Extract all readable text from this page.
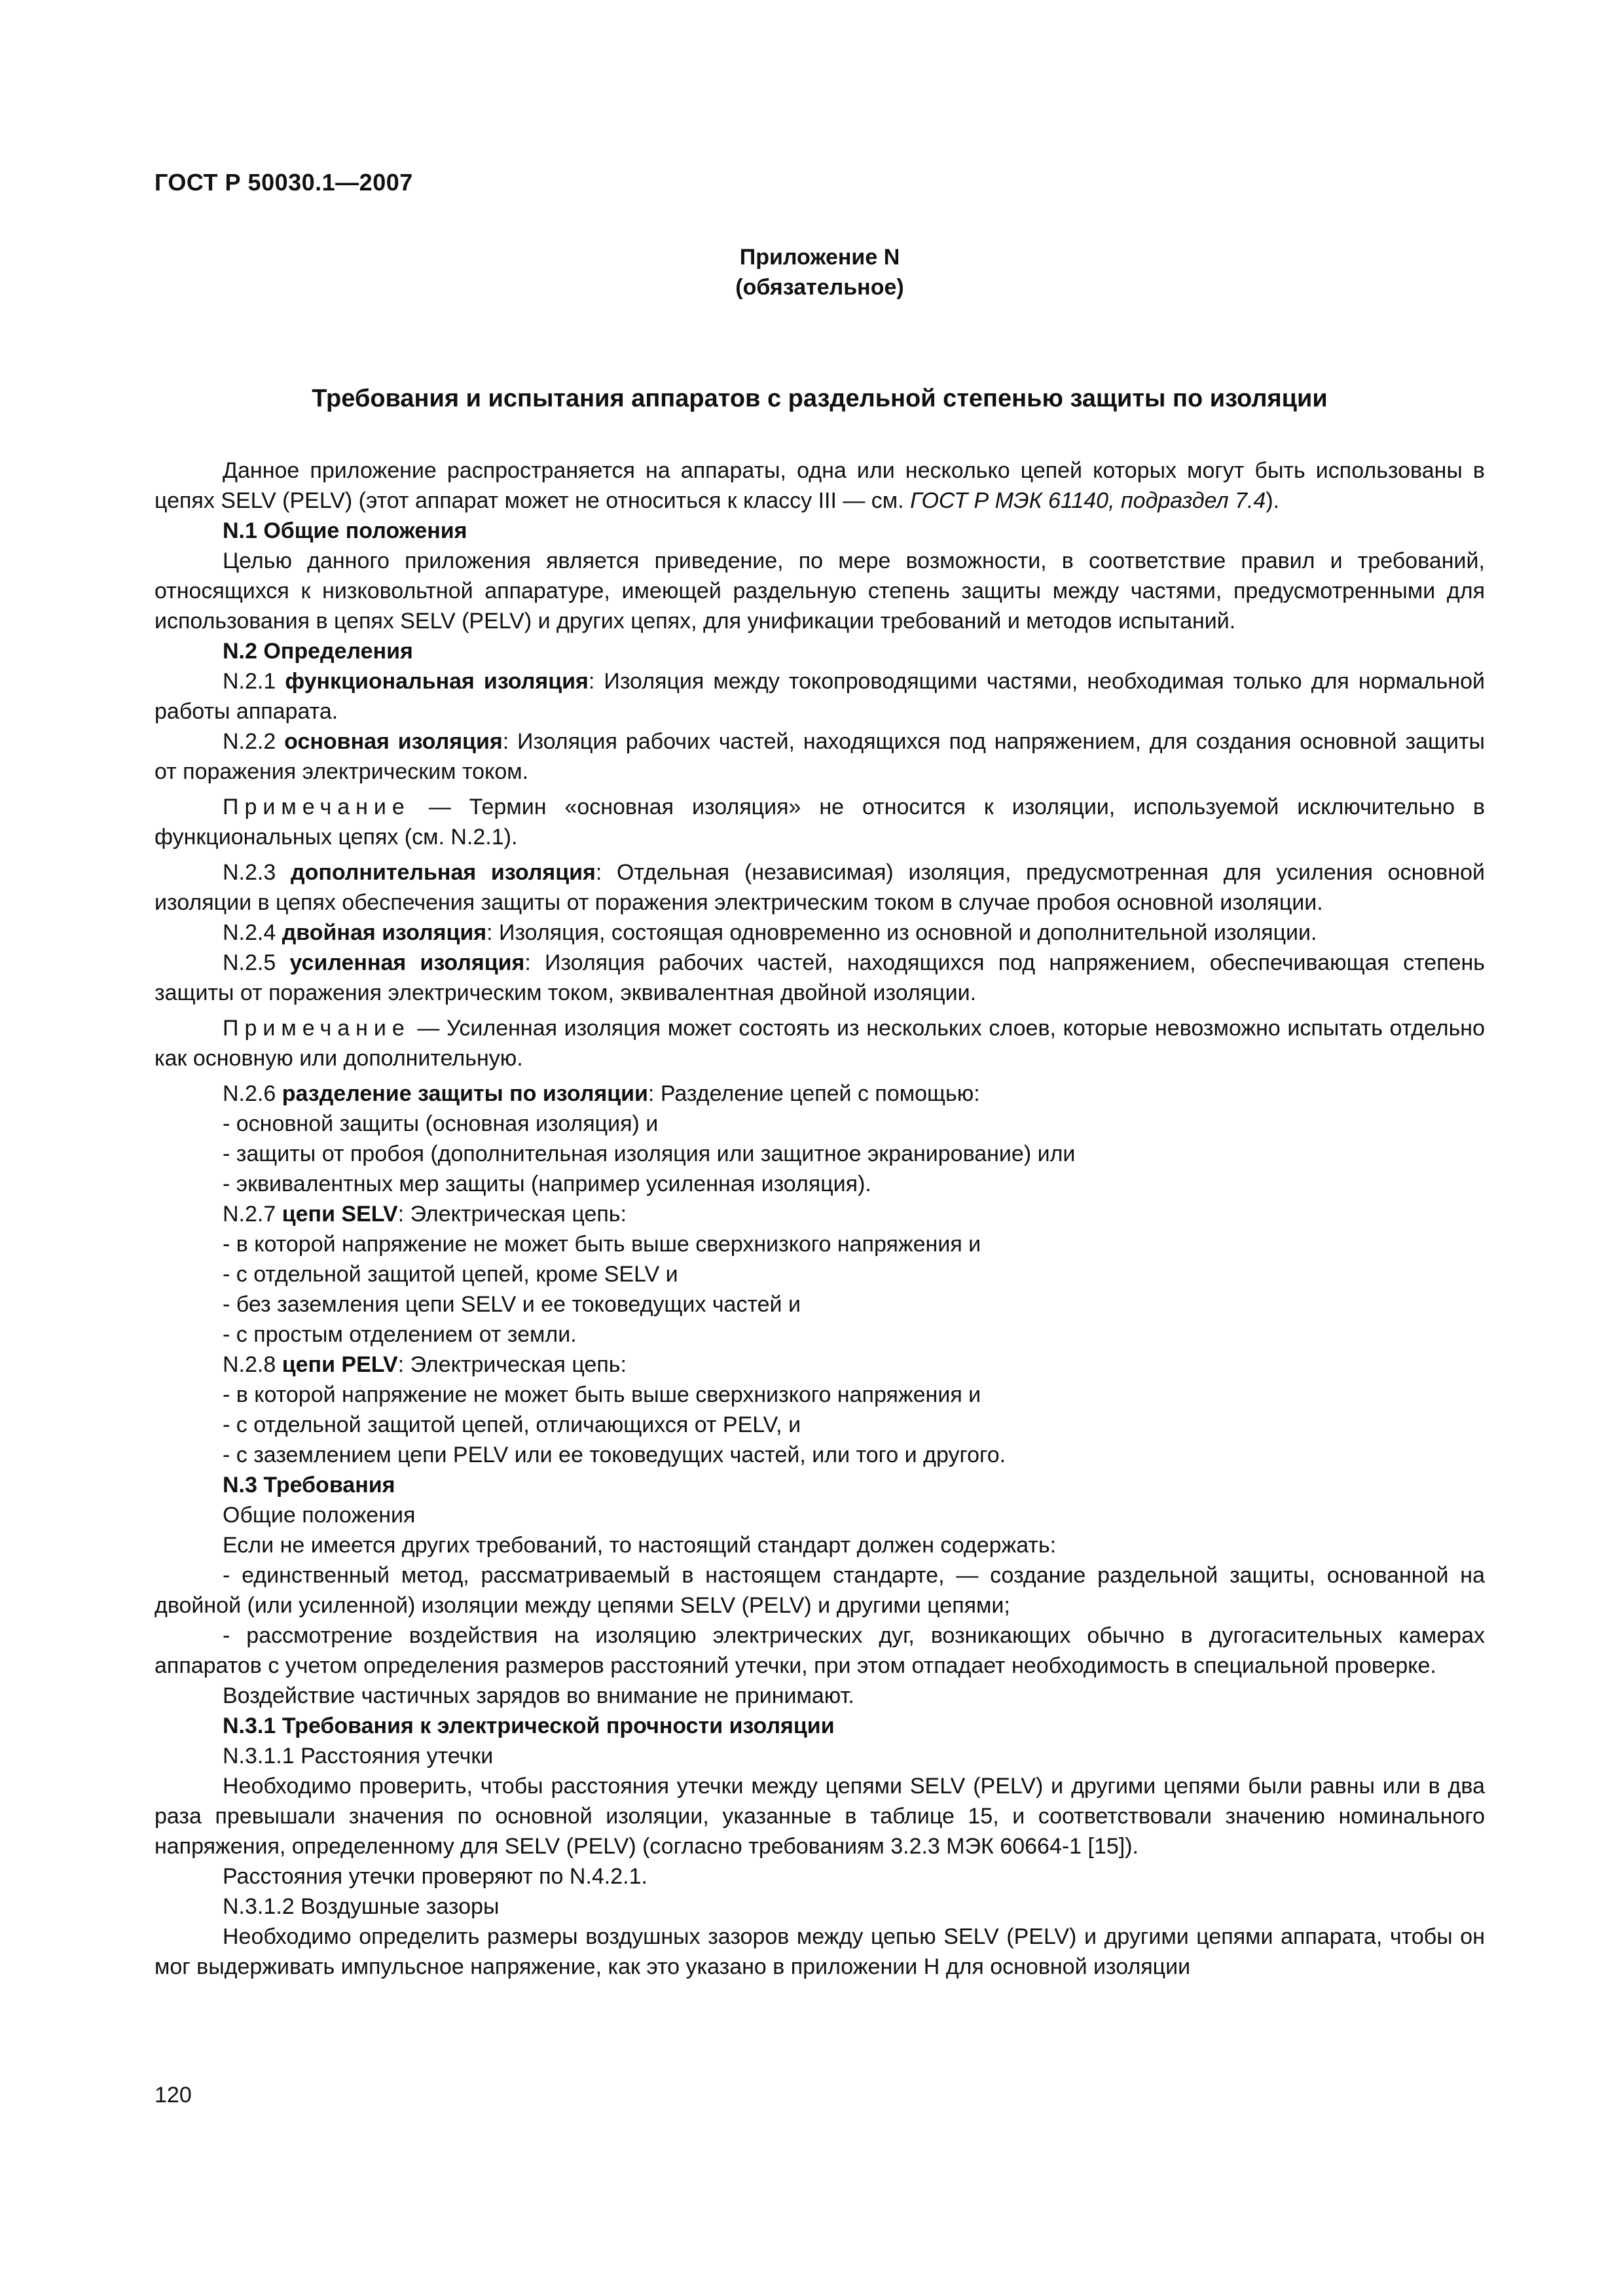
ГОСТ Р 50030.1—2007
Приложение N
(обязательное)
Требования и испытания аппаратов с раздельной степенью защиты по изоляции

Данное приложение распространяется на аппараты, одна или несколько цепей которых могут быть использованы в цепях SELV (PELV) (этот аппарат может не относиться к классу III — см. ГОСТ Р МЭК 61140, подраздел 7.4).

N.1 Общие положения

Целью данного приложения является приведение, по мере возможности, в соответствие правил и требований, относящихся к низковольтной аппаратуре, имеющей раздельную степень защиты между частями, предусмотренными для использования в цепях SELV (PELV) и других цепях, для унификации требований и методов испытаний.

N.2 Определения

N.2.1 функциональная изоляция: Изоляция между токопроводящими частями, необходимая только для нормальной работы аппарата.

N.2.2 основная изоляция: Изоляция рабочих частей, находящихся под напряжением, для создания основной защиты от поражения электрическим током.

Примечание — Термин «основная изоляция» не относится к изоляции, используемой исключительно в функциональных цепях (см. N.2.1).

N.2.3 дополнительная изоляция: Отдельная (независимая) изоляция, предусмотренная для усиления основной изоляции в цепях обеспечения защиты от поражения электрическим током в случае пробоя основной изоляции.

N.2.4 двойная изоляция: Изоляция, состоящая одновременно из основной и дополнительной изоляции.

N.2.5 усиленная изоляция: Изоляция рабочих частей, находящихся под напряжением, обеспечивающая степень защиты от поражения электрическим током, эквивалентная двойной изоляции.

Примечание — Усиленная изоляция может состоять из нескольких слоев, которые невозможно испытать отдельно как основную или дополнительную.

N.2.6 разделение защиты по изоляции: Разделение цепей с помощью:

- основной защиты (основная изоляция) и

- защиты от пробоя (дополнительная изоляция или защитное экранирование) или

- эквивалентных мер защиты (например усиленная изоляция).

N.2.7 цепи SELV: Электрическая цепь:

- в которой напряжение не может быть выше сверхнизкого напряжения и

- с отдельной защитой цепей, кроме SELV и

- без заземления цепи SELV и ее токоведущих частей и

- с простым отделением от земли.

N.2.8 цепи PELV: Электрическая цепь:

- в которой напряжение не может быть выше сверхнизкого напряжения и

- с отдельной защитой цепей, отличающихся от PELV, и

- с заземлением цепи PELV или ее токоведущих частей, или того и другого.

N.3 Требования

Общие положения

Если не имеется других требований, то настоящий стандарт должен содержать:

- единственный метод, рассматриваемый в настоящем стандарте, — создание раздельной защиты, основанной на двойной (или усиленной) изоляции между цепями SELV (PELV) и другими цепями;

- рассмотрение воздействия на изоляцию электрических дуг, возникающих обычно в дугогасительных камерах аппаратов с учетом определения размеров расстояний утечки, при этом отпадает необходимость в специальной проверке.

Воздействие частичных зарядов во внимание не принимают.

N.3.1 Требования к электрической прочности изоляции

N.3.1.1 Расстояния утечки

Необходимо проверить, чтобы расстояния утечки между цепями SELV (PELV) и другими цепями были равны или в два раза превышали значения по основной изоляции, указанные в таблице 15, и соответствовали значению номинального напряжения, определенному для SELV (PELV) (согласно требованиям 3.2.3 МЭК 60664-1 [15]).

Расстояния утечки проверяют по N.4.2.1.

N.3.1.2 Воздушные зазоры

Необходимо определить размеры воздушных зазоров между цепью SELV (PELV) и другими цепями аппарата, чтобы он мог выдерживать импульсное напряжение, как это указано в приложении Н для основной изоляции

120
